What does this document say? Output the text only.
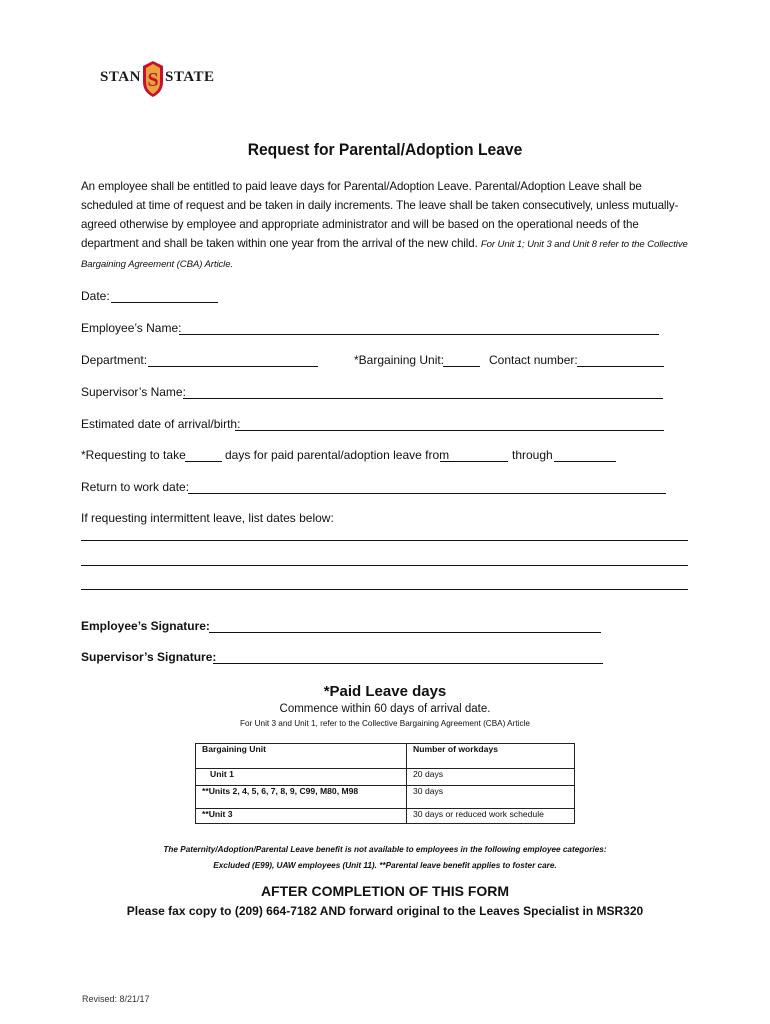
STAN S STATE
Request for Parental/Adoption Leave
An employee shall be entitled to paid leave days for Parental/Adoption Leave. Parental/Adoption Leave shall be scheduled at time of request and be taken in daily increments. The leave shall be taken consecutively, unless mutually-agreed otherwise by employee and appropriate administrator and will be based on the operational needs of the department and shall be taken within one year from the arrival of the new child. For Unit 1; Unit 3 and Unit 8 refer to the Collective Bargaining Agreement (CBA) Article.
Date:
Employee’s Name:
Department:	*Bargaining Unit:	Contact number:
Supervisor’s Name:
Estimated date of arrival/birth:
*Requesting to take	days for paid parental/adoption leave from	through
Return to work date:
If requesting intermittent leave, list dates below:
Employee’s Signature:
Supervisor’s Signature:
*Paid Leave days
Commence within 60 days of arrival date.
For Unit 3 and Unit 1, refer to the Collective Bargaining Agreement (CBA) Article
Bargaining Unit	Number of workdays
Unit 1	20 days
**Units 2, 4, 5, 6, 7, 8, 9, C99, M80, M98	30 days
**Unit 3	30 days or reduced work schedule
The Paternity/Adoption/Parental Leave benefit is not available to employees in the following employee categories:
Excluded (E99), UAW employees (Unit 11). **Parental leave benefit applies to foster care.
AFTER COMPLETION OF THIS FORM
Please fax copy to (209) 664-7182 AND forward original to the Leaves Specialist in MSR320
Revised: 8/21/17
